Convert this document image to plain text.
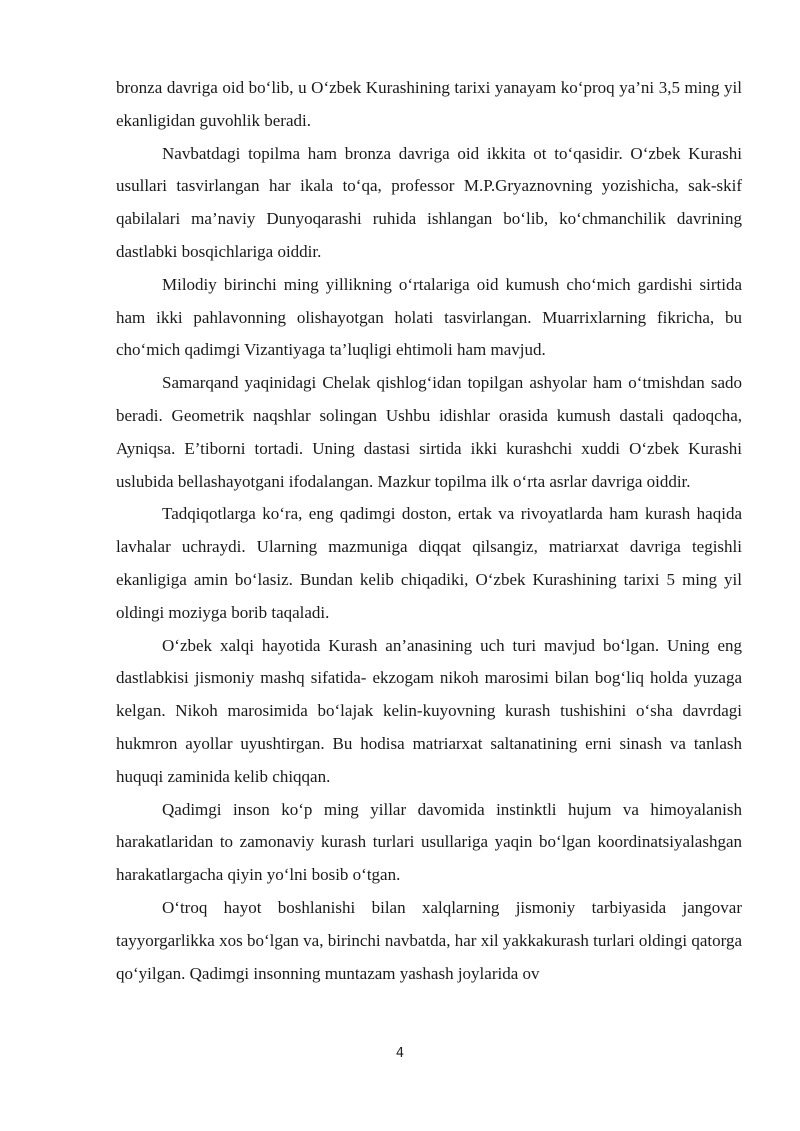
bronza davriga oid bo‘lib, u O‘zbek Kurashining tarixi yanayam ko‘proq ya’ni 3,5 ming yil ekanligidan guvohlik beradi.

Navbatdagi topilma ham bronza davriga oid ikkita ot to‘qasidir. O‘zbek Kurashi usullari tasvirlangan har ikala to‘qa, professor M.P.Gryaznovning yozishicha, sak-skif qabilalari ma’naviy Dunyoqarashi ruhida ishlangan bo‘lib, ko‘chmanchilik davrining dastlabki bosqichlariga oiddir.

Milodiy birinchi ming yillikning o‘rtalariga oid kumush cho‘mich gardishi sirtida ham ikki pahlavonning olishayotgan holati tasvirlangan. Muarrixlarning fikricha, bu cho‘mich qadimgi Vizantiyaga ta’luqligi ehtimoli ham mavjud.

Samarqand yaqinidagi Chelak qishlog‘idan topilgan ashyolar ham o‘tmishdan sado beradi. Geometrik naqshlar solingan Ushbu idishlar orasida kumush dastali qadoqcha, Ayniqsa. E’tiborni tortadi. Uning dastasi sirtida ikki kurashchi xuddi O‘zbek Kurashi uslubida bellashayotgani ifodalangan. Mazkur topilma ilk o‘rta asrlar davriga oiddir.

Tadqiqotlarga ko‘ra, eng qadimgi doston, ertak va rivoyatlarda ham kurash haqida lavhalar uchraydi. Ularning mazmuniga diqqat qilsangiz, matriarxat davriga tegishli ekanligiga amin bo‘lasiz. Bundan kelib chiqadiki, O‘zbek Kurashining tarixi 5 ming yil oldingi moziyga borib taqaladi.

O‘zbek xalqi hayotida Kurash an’anasining uch turi mavjud bo‘lgan. Uning eng dastlabkisi jismoniy mashq sifatida- ekzogam nikoh marosimi bilan bog‘liq holda yuzaga kelgan. Nikoh marosimida bo‘lajak kelin-kuyovning kurash tushishini o‘sha davrdagi hukmron ayollar uyushtirgan. Bu hodisa matriarxat saltanatining erni sinash va tanlash huquqi zaminida kelib chiqqan.

Qadimgi inson ko‘p ming yillar davomida instinktli hujum va himoyalanish harakatlaridan to zamonaviy kurash turlari usullariga yaqin bo‘lgan koordinatsiyalashgan harakatlargacha qiyin yo‘lni bosib o‘tgan.

O‘troq hayot boshlanishi bilan xalqlarning jismoniy tarbiyasida jangovar tayyorgarlikka xos bo‘lgan va, birinchi navbatda, har xil yakkakurash turlari oldingi qatorga qo‘yilgan. Qadimgi insonning muntazam yashash joylarida ov

4
